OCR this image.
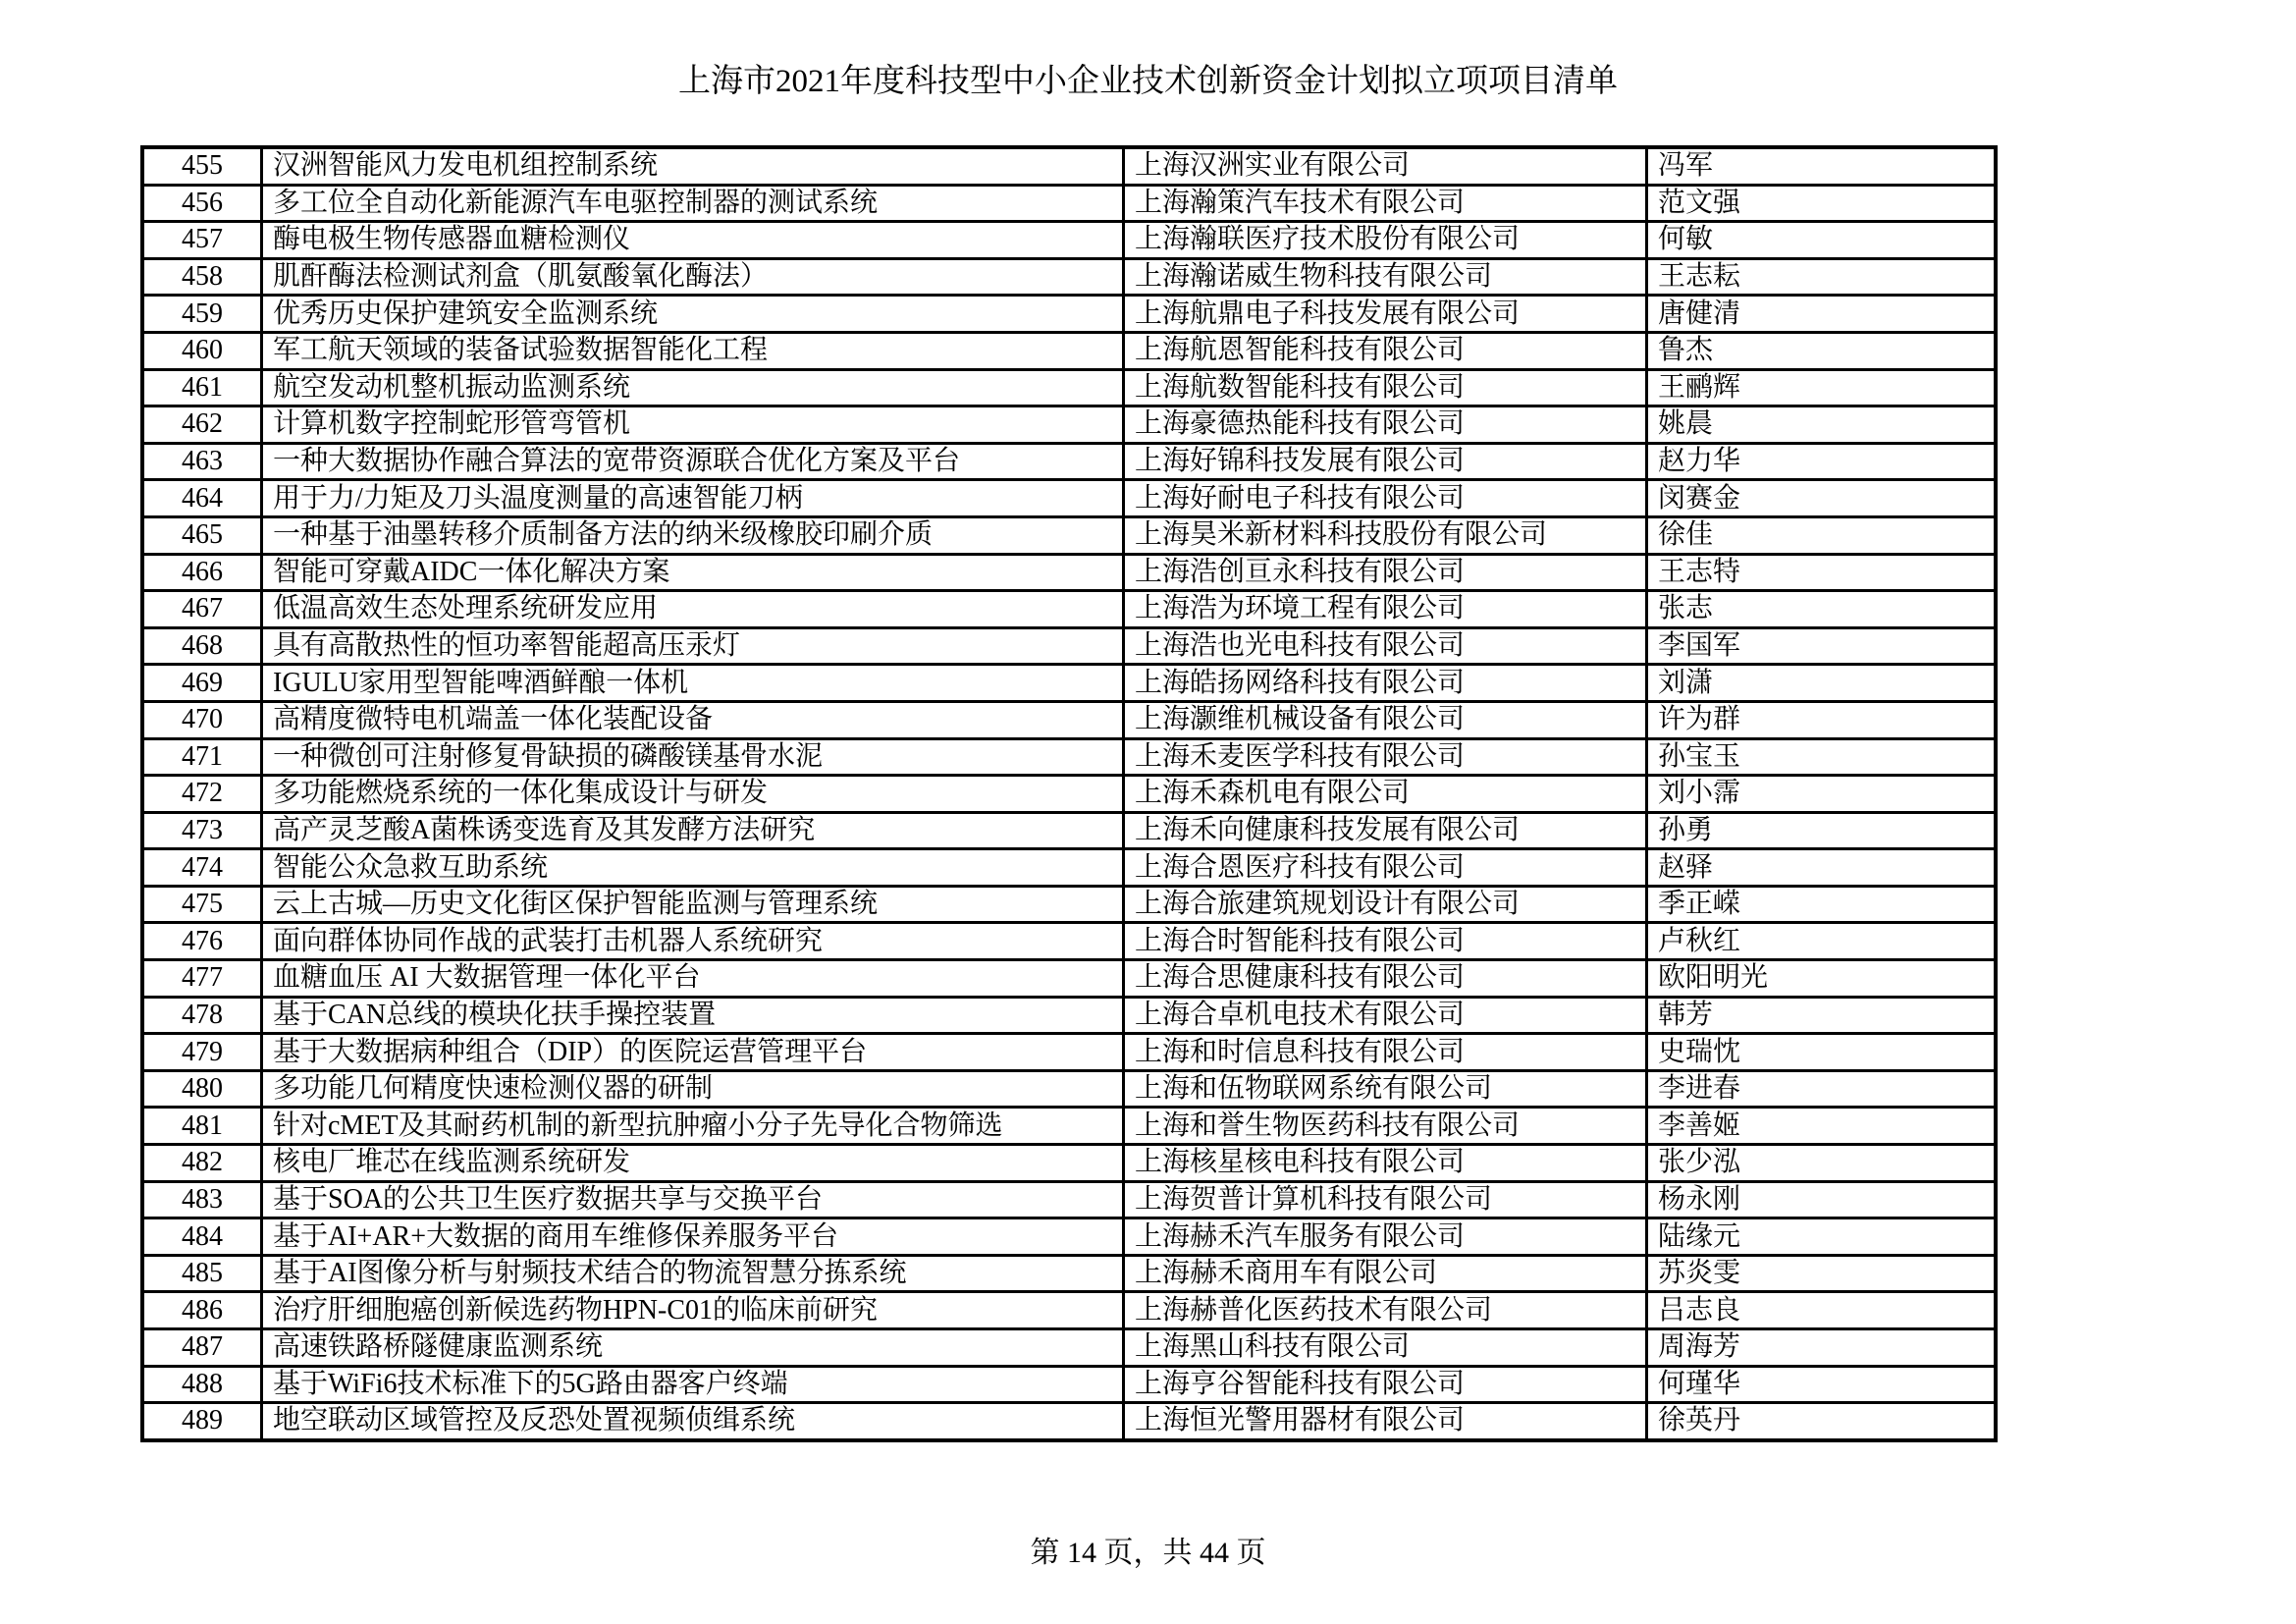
上海市2021年度科技型中小企业技术创新资金计划拟立项项目清单
455	汉洲智能风力发电机组控制系统	上海汉洲实业有限公司	冯军
456	多工位全自动化新能源汽车电驱控制器的测试系统	上海瀚策汽车技术有限公司	范文强
457	酶电极生物传感器血糖检测仪	上海瀚联医疗技术股份有限公司	何敏
458	肌酐酶法检测试剂盒（肌氨酸氧化酶法）	上海瀚诺威生物科技有限公司	王志耘
459	优秀历史保护建筑安全监测系统	上海航鼎电子科技发展有限公司	唐健清
460	军工航天领域的装备试验数据智能化工程	上海航恩智能科技有限公司	鲁杰
461	航空发动机整机振动监测系统	上海航数智能科技有限公司	王鹂辉
462	计算机数字控制蛇形管弯管机	上海豪德热能科技有限公司	姚晨
463	一种大数据协作融合算法的宽带资源联合优化方案及平台	上海好锦科技发展有限公司	赵力华
464	用于力/力矩及刀头温度测量的高速智能刀柄	上海好耐电子科技有限公司	闵赛金
465	一种基于油墨转移介质制备方法的纳米级橡胶印刷介质	上海昊米新材料科技股份有限公司	徐佳
466	智能可穿戴AIDC一体化解决方案	上海浩创亘永科技有限公司	王志特
467	低温高效生态处理系统研发应用	上海浩为环境工程有限公司	张志
468	具有高散热性的恒功率智能超高压汞灯	上海浩也光电科技有限公司	李国军
469	IGULU家用型智能啤酒鲜酿一体机	上海皓扬网络科技有限公司	刘潇
470	高精度微特电机端盖一体化装配设备	上海灏维机械设备有限公司	许为群
471	一种微创可注射修复骨缺损的磷酸镁基骨水泥	上海禾麦医学科技有限公司	孙宝玉
472	多功能燃烧系统的一体化集成设计与研发	上海禾森机电有限公司	刘小霈
473	高产灵芝酸A菌株诱变选育及其发酵方法研究	上海禾向健康科技发展有限公司	孙勇
474	智能公众急救互助系统	上海合恩医疗科技有限公司	赵驿
475	云上古城—历史文化街区保护智能监测与管理系统	上海合旅建筑规划设计有限公司	季正嵘
476	面向群体协同作战的武装打击机器人系统研究	上海合时智能科技有限公司	卢秋红
477	血糖血压 AI 大数据管理一体化平台	上海合思健康科技有限公司	欧阳明光
478	基于CAN总线的模块化扶手操控装置	上海合卓机电技术有限公司	韩芳
479	基于大数据病种组合（DIP）的医院运营管理平台	上海和时信息科技有限公司	史瑞忱
480	多功能几何精度快速检测仪器的研制	上海和伍物联网系统有限公司	李进春
481	针对cMET及其耐药机制的新型抗肿瘤小分子先导化合物筛选	上海和誉生物医药科技有限公司	李善姬
482	核电厂堆芯在线监测系统研发	上海核星核电科技有限公司	张少泓
483	基于SOA的公共卫生医疗数据共享与交换平台	上海贺普计算机科技有限公司	杨永刚
484	基于AI+AR+大数据的商用车维修保养服务平台	上海赫禾汽车服务有限公司	陆缘元
485	基于AI图像分析与射频技术结合的物流智慧分拣系统	上海赫禾商用车有限公司	苏炎雯
486	治疗肝细胞癌创新候选药物HPN-C01的临床前研究	上海赫普化医药技术有限公司	吕志良
487	高速铁路桥隧健康监测系统	上海黑山科技有限公司	周海芳
488	基于WiFi6技术标准下的5G路由器客户终端	上海亨谷智能科技有限公司	何瑾华
489	地空联动区域管控及反恐处置视频侦缉系统	上海恒光警用器材有限公司	徐英丹
第 14 页，共 44 页
